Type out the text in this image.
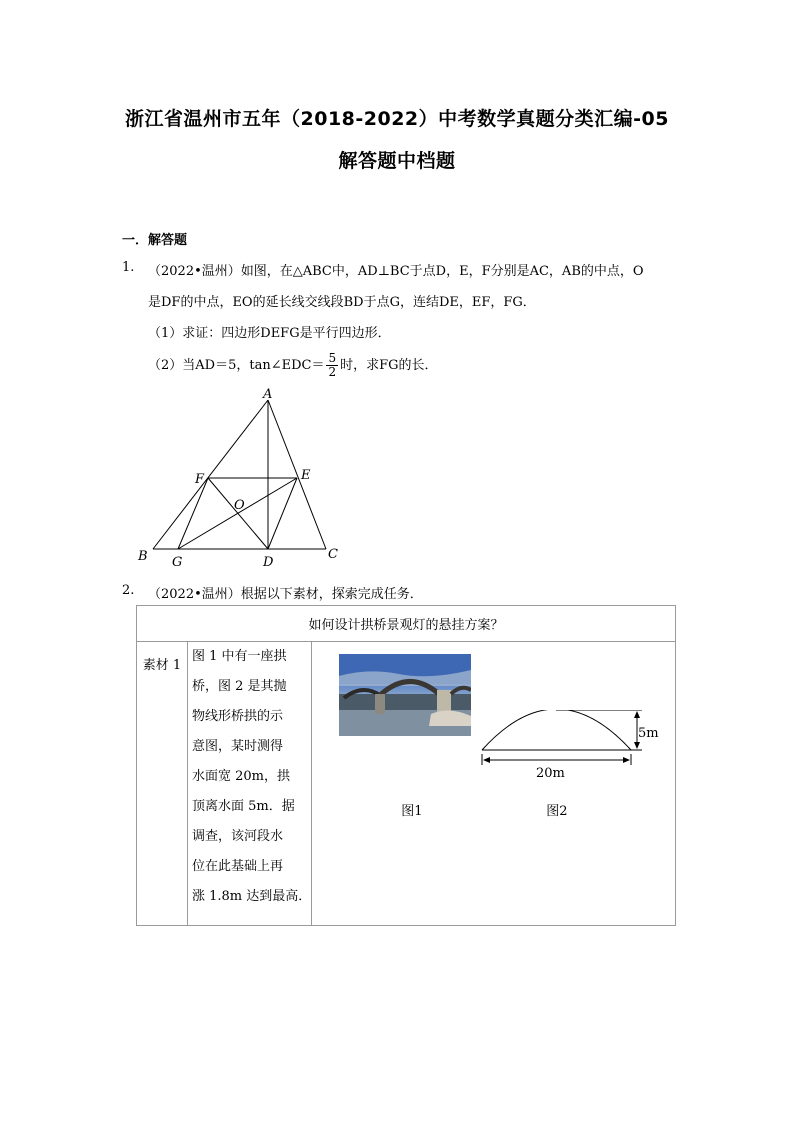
浙江省温州市五年（2018-2022）中考数学真题分类汇编-05
解答题中档题
一．解答题
1. （2022•温州）如图，在△ABC中，AD⊥BC于点D，E，F分别是AC，AB的中点，O
是DF的中点，EO的延长线交线段BD于点G，连结DE，EF，FG．
（1）求证：四边形DEFG是平行四边形．
（2）当AD＝5，tan∠EDC＝ $\frac{5}{2}$ 时，求FG的长．
A
B	C
D
E
F
G
O
2. （2022•温州）根据以下素材，探索完成任务．
如何设计拱桥景观灯的悬挂方案？
素材 1	
图 1 中有一座拱
桥，图 2 是其抛
物线形桥拱的示
意图，某时测得
水面宽 20m，拱
顶离水面 5m．据
调查，该河段水
位在此基础上再
涨 1.8m 达到最高．

5m
20m
图1	图2
